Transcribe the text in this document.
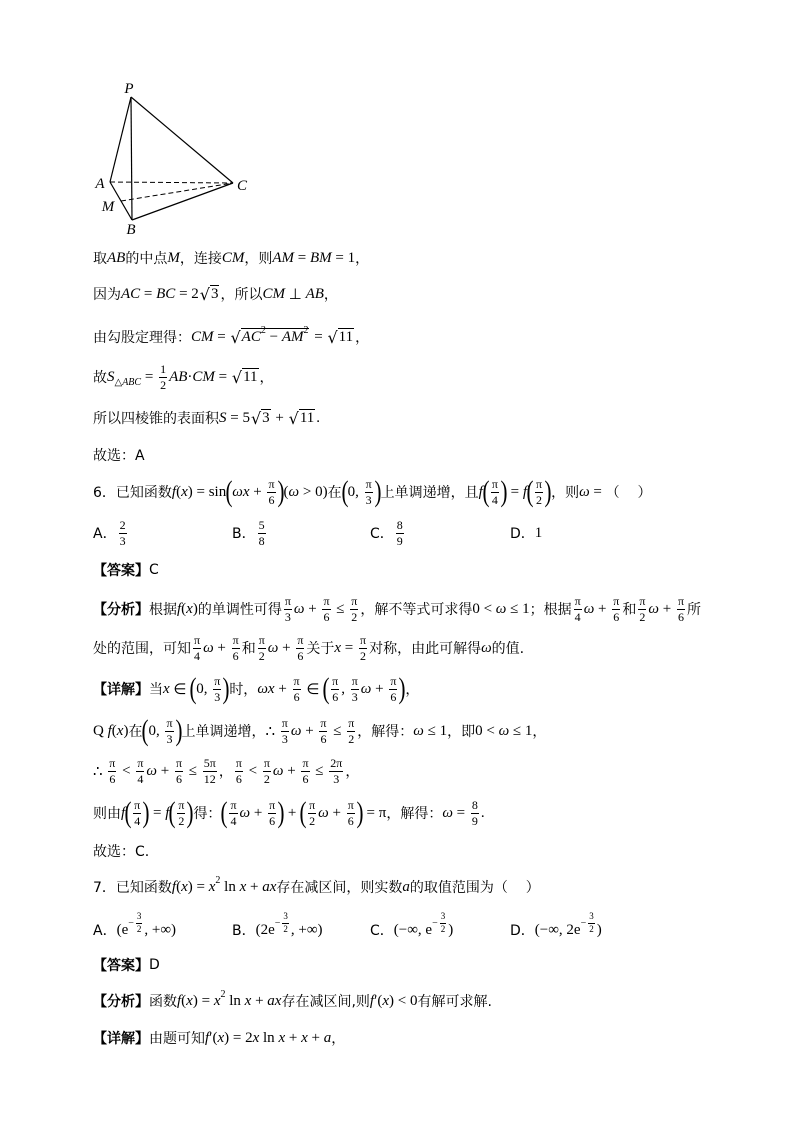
P
A	C
M
B
取 AB 的中点 M ，连接 CM ，则 AM = BM = 1 ，
因为 AC = BC = 2 √ 3 ，所以 CM ⊥ AB ，
由勾股定理得： CM = √ AC 2 − AM 2 = √ 11 ，
故 S △ ABC = $\frac{1}{2}$ AB · CM = √ 11 ，
所以四棱锥的表面积 S = 5 √ 3 + √ 11 .
故选：A
6．已知函数 f ( x ) = sin ( $\omega x + \frac{\pi}{6}$ ) ( ω > 0) 在 ( 0, $\frac{\pi}{3}$ ) 上单调递增，且 f ( $\frac{\pi}{4}$ ) = f ( $\frac{\pi}{2}$ ) ，则 ω = （    ）
A． $\frac{2}{3}$	B． $\frac{5}{8}$	C． $\frac{8}{9}$	D． 1
【答案】 C
【分析】 根据 f ( x ) 的单调性可得 $\frac{\pi}{3}$ $\omega + \frac{\pi}{6} \le \frac{\pi}{2}$ ，解不等式可求得 0 < ω ≤ 1 ；根据 $\frac{\pi}{4}$ $\omega + \frac{\pi}{6}$ 和 $\frac{\pi}{2}$ $\omega + \frac{\pi}{6}$ 所
处的范围，可知 $\frac{\pi}{4}$ $\omega + \frac{\pi}{6}$ 和 $\frac{\pi}{2}$ $\omega + \frac{\pi}{6}$ 关于 $x = \frac{\pi}{2}$ 对称，由此可解得 ω 的值.
【详解】 当 x ∈ ( 0, $\frac{\pi}{3}$ ) 时， $\omega x + \frac{\pi}{6}$ ∈ ( $\frac{\pi}{6}$ , $\frac{\pi}{3}$ $\omega + \frac{\pi}{6}$ ) ，
Q f ( x ) 在 ( 0, $\frac{\pi}{3}$ ) 上单调递增， ∴ $\frac{\pi}{3}$ $\omega + \frac{\pi}{6} \le \frac{\pi}{2}$ ，解得： ω ≤ 1 ，即 0 < ω ≤ 1 ，
∴ $\frac{\pi}{6} < \frac{\pi}{4}$ $\omega + \frac{\pi}{6} \le \frac{5\pi}{12}$ ， $\frac{\pi}{6} < \frac{\pi}{2}$ $\omega + \frac{\pi}{6} \le \frac{2\pi}{3}$ ，
则由 f ( $\frac{\pi}{4}$ ) = f ( $\frac{\pi}{2}$ ) 得： ( $\frac{\pi}{4}$ $\omega + \frac{\pi}{6}$ ) + ( $\frac{\pi}{2}$ $\omega + \frac{\pi}{6}$ ) = π ，解得： $\omega = \frac{8}{9}$ .
故选：C.
7．已知函数 f ( x ) = x 2 ln x + ax 存在减区间，则实数 a 的取值范围为（    ）
A． ($e - \frac{3}{2}$ , +∞)	B． ($2e - \frac{3}{2}$ , +∞)	C． (−∞, $e - \frac{3}{2}$ )	D． (−∞, $2e - \frac{3}{2}$ )
【答案】 D
【分析】 函数 f ( x ) = x 2 ln x + ax 存在减区间,则 f ′( x ) < 0 有解可求解.
【详解】 由题可知 f ′( x ) = 2 x ln x + x + a ，
